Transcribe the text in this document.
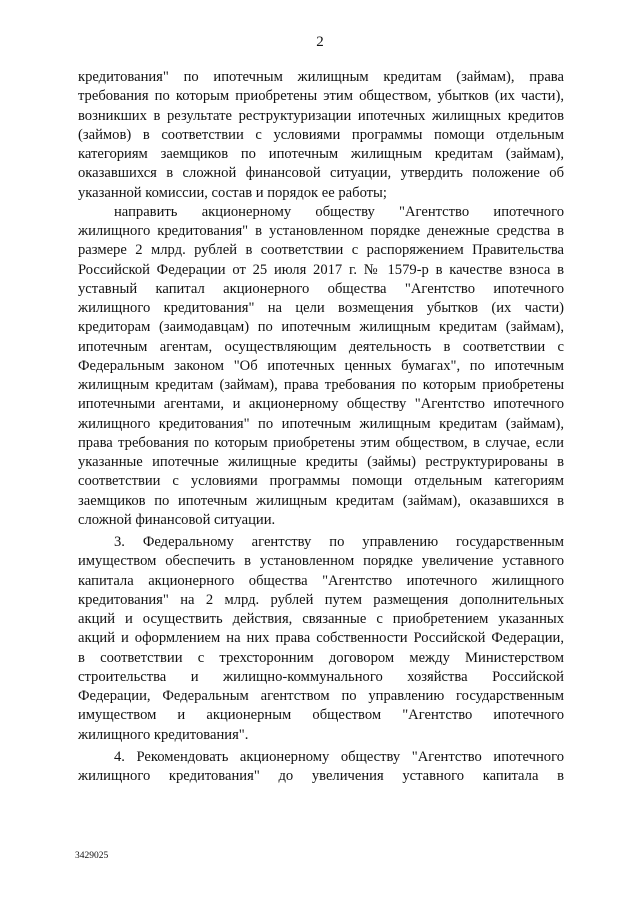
2

кредитования" по ипотечным жилищным кредитам (займам), права
требования по которым приобретены этим обществом, убытков (их части),
возникших в результате реструктуризации ипотечных жилищных кредитов
(займов) в соответствии с условиями программы помощи отдельным
категориям заемщиков по ипотечным жилищным кредитам (займам),
оказавшихся в сложной финансовой ситуации, утвердить положение об
указанной комиссии, состав и порядок ее работы;

направить акционерному обществу "Агентство ипотечного
жилищного кредитования" в установленном порядке денежные средства в
размере 2 млрд. рублей в соответствии с распоряжением Правительства
Российской Федерации от 25 июля 2017 г. № 1579-р в качестве взноса в
уставный капитал акционерного общества "Агентство ипотечного
жилищного кредитования" на цели возмещения убытков (их части)
кредиторам (заимодавцам) по ипотечным жилищным кредитам (займам),
ипотечным агентам, осуществляющим деятельность в соответствии с
Федеральным законом "Об ипотечных ценных бумагах", по ипотечным
жилищным кредитам (займам), права требования по которым приобретены
ипотечными агентами, и акционерному обществу "Агентство ипотечного
жилищного кредитования" по ипотечным жилищным кредитам (займам),
права требования по которым приобретены этим обществом, в случае, если
указанные ипотечные жилищные кредиты (займы) реструктурированы в
соответствии с условиями программы помощи отдельным категориям
заемщиков по ипотечным жилищным кредитам (займам), оказавшихся в
сложной финансовой ситуации.

3. Федеральному агентству по управлению государственным
имуществом обеспечить в установленном порядке увеличение уставного
капитала акционерного общества "Агентство ипотечного жилищного
кредитования" на 2 млрд. рублей путем размещения дополнительных
акций и осуществить действия, связанные с приобретением указанных
акций и оформлением на них права собственности Российской Федерации,
в соответствии с трехсторонним договором между Министерством
строительства и жилищно-коммунального хозяйства Российской
Федерации, Федеральным агентством по управлению государственным
имуществом и акционерным обществом "Агентство ипотечного
жилищного кредитования".

4. Рекомендовать акционерному обществу "Агентство ипотечного
жилищного кредитования" до увеличения уставного капитала в

3429025
